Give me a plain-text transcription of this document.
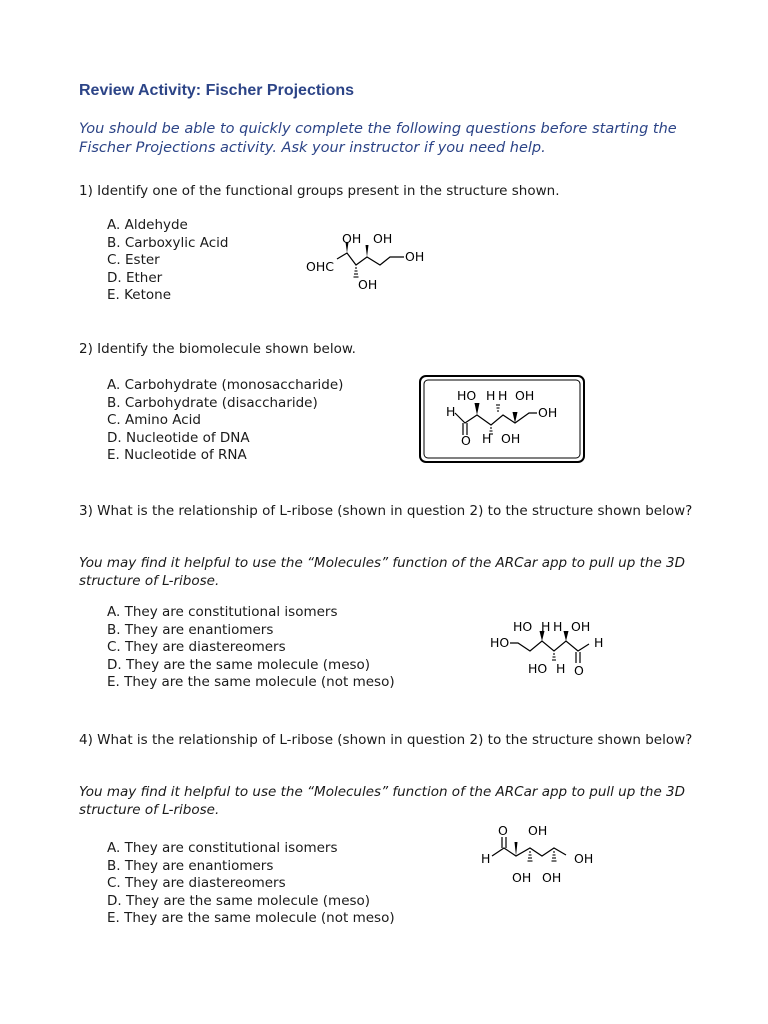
Review Activity: Fischer Projections

You should be able to quickly complete the following questions before starting the Fischer Projections activity. Ask your instructor if you need help.

1) Identify one of the functional groups present in the structure shown.

A. Aldehyde
B. Carboxylic Acid
C. Ester
D. Ether
E. Ketone
OH OH
OHC
OH
OH

2) Identify the biomolecule shown below.

A. Carbohydrate (monosaccharide)
B. Carbohydrate (disaccharide)
C. Amino Acid
D. Nucleotide of DNA
E. Nucleotide of RNA
HO H H OH
H	OH
O H OH

3) What is the relationship of L-ribose (shown in question 2) to the structure shown below?

You may find it helpful to use the “Molecules” function of the ARCar app to pull up the 3D structure of L-ribose.

A. They are constitutional isomers
B. They are enantiomers
C. They are diastereomers
D. They are the same molecule (meso)
E. They are the same molecule (not meso)
HO H H OH
HO	H
HO H O

4) What is the relationship of L-ribose (shown in question 2) to the structure shown below?

You may find it helpful to use the “Molecules” function of the ARCar app to pull up the 3D structure of L-ribose.

A. They are constitutional isomers
B. They are enantiomers
C. They are diastereomers
D. They are the same molecule (meso)
E. They are the same molecule (not meso)
O OH
H
OH OH
OH
